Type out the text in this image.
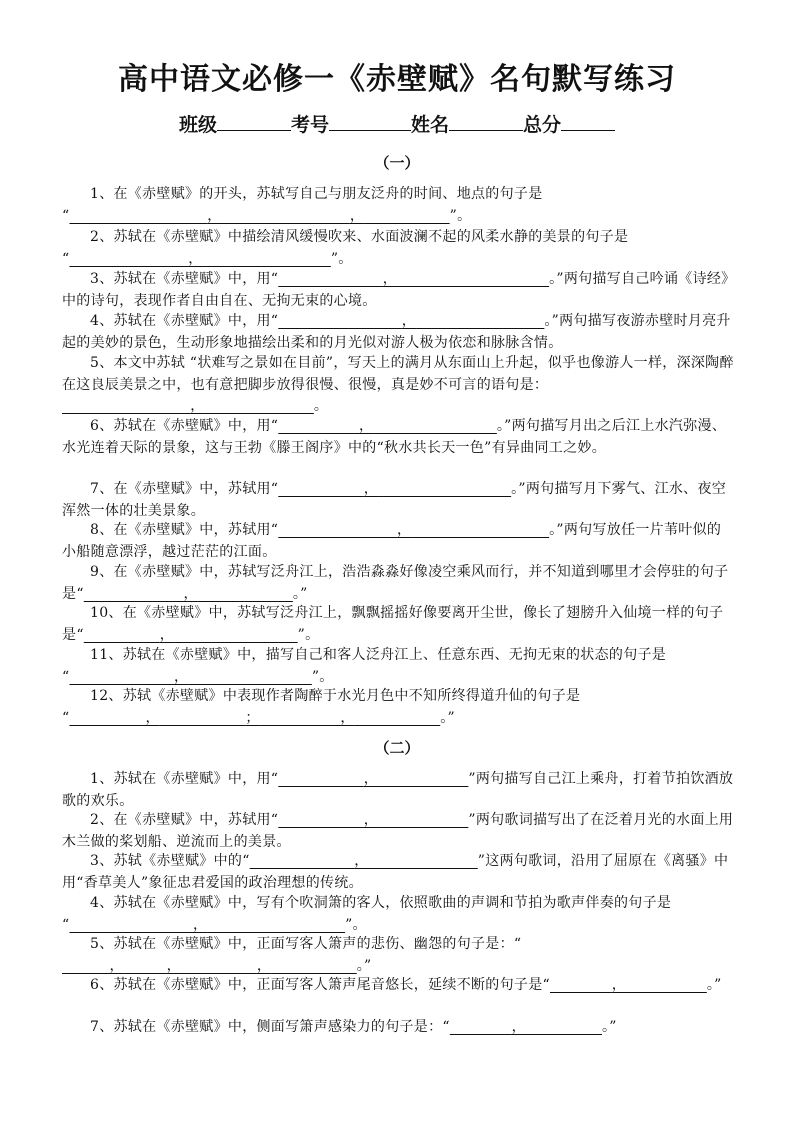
高中语文必修一《赤壁赋》名句默写练习
班级	考号	姓名	总分
（一）
1、在《赤壁赋》的开头，苏轼写自己与朋友泛舟的时间、地点的句子是
“	，	，	”。
2、苏轼在《赤壁赋》中描绘清风缓慢吹来、水面波澜不起的风柔水静的美景的句子是
“	，	”。
3、苏轼在《赤壁赋》中，用“	，	。”两句描写自己吟诵《诗经》中的诗句，表现作者自由自在、无拘无束的心境。
4、苏轼在《赤壁赋》中，用“	，	。”两句描写夜游赤壁时月亮升起的美妙的景色，生动形象地描绘出柔和的月光似对游人极为依恋和脉脉含情。
5、本文中苏轼 “状难写之景如在目前”，写天上的满月从东面山上升起，似乎也像游人一样，深深陶醉在这良辰美景之中，也有意把脚步放得很慢、很慢，真是妙不可言的语句是：
，	。
6、苏轼在《赤壁赋》中，用“	，	。”两句描写月出之后江上水汽弥漫、水光连着天际的景象，这与王勃《滕王阁序》中的“秋水共长天一色”有异曲同工之妙。
7、在《赤壁赋》中，苏轼用“	，	。”两句描写月下雾气、江水、夜空浑然一体的壮美景象。
8、在《赤壁赋》中，苏轼用“	，	。”两句写放任一片苇叶似的小船随意漂浮，越过茫茫的江面。
9、在《赤壁赋》中，苏轼写泛舟江上，浩浩淼淼好像凌空乘风而行，并不知道到哪里才会停驻的句子是“	，	。”
10、在《赤壁赋》中，苏轼写泛舟江上，飘飘摇摇好像要离开尘世，像长了翅膀升入仙境一样的句子是“	，	”。
11、苏轼在《赤壁赋》中，描写自己和客人泛舟江上、任意东西、无拘无束的状态的句子是
“	，	”。
12、苏轼《赤壁赋》中表现作者陶醉于水光月色中不知所终得道升仙的句子是
“	，	；	，	。”
（二）
1、苏轼在《赤壁赋》中，用“	，	”两句描写自己江上乘舟，打着节拍饮酒放歌的欢乐。
2、在《赤壁赋》中，苏轼用“	，	”两句歌词描写出了在泛着月光的水面上用木兰做的桨划船、逆流而上的美景。
3、苏轼《赤壁赋》中的“	，	”这两句歌词，沿用了屈原在《离骚》中用“香草美人”象征忠君爱国的政治理想的传统。
4、苏轼在《赤壁赋》中，写有个吹洞箫的客人，依照歌曲的声调和节拍为歌声伴奏的句子是
“	，	”。
5、苏轼在《赤壁赋》中，正面写客人箫声的悲伤、幽怨的句子是：“          ，	，	，	。”
6、苏轼在《赤壁赋》中，正面写客人箫声尾音悠长，延续不断的句子是“	，	。”
7、苏轼在《赤壁赋》中，侧面写箫声感染力的句子是：“	，	。”
